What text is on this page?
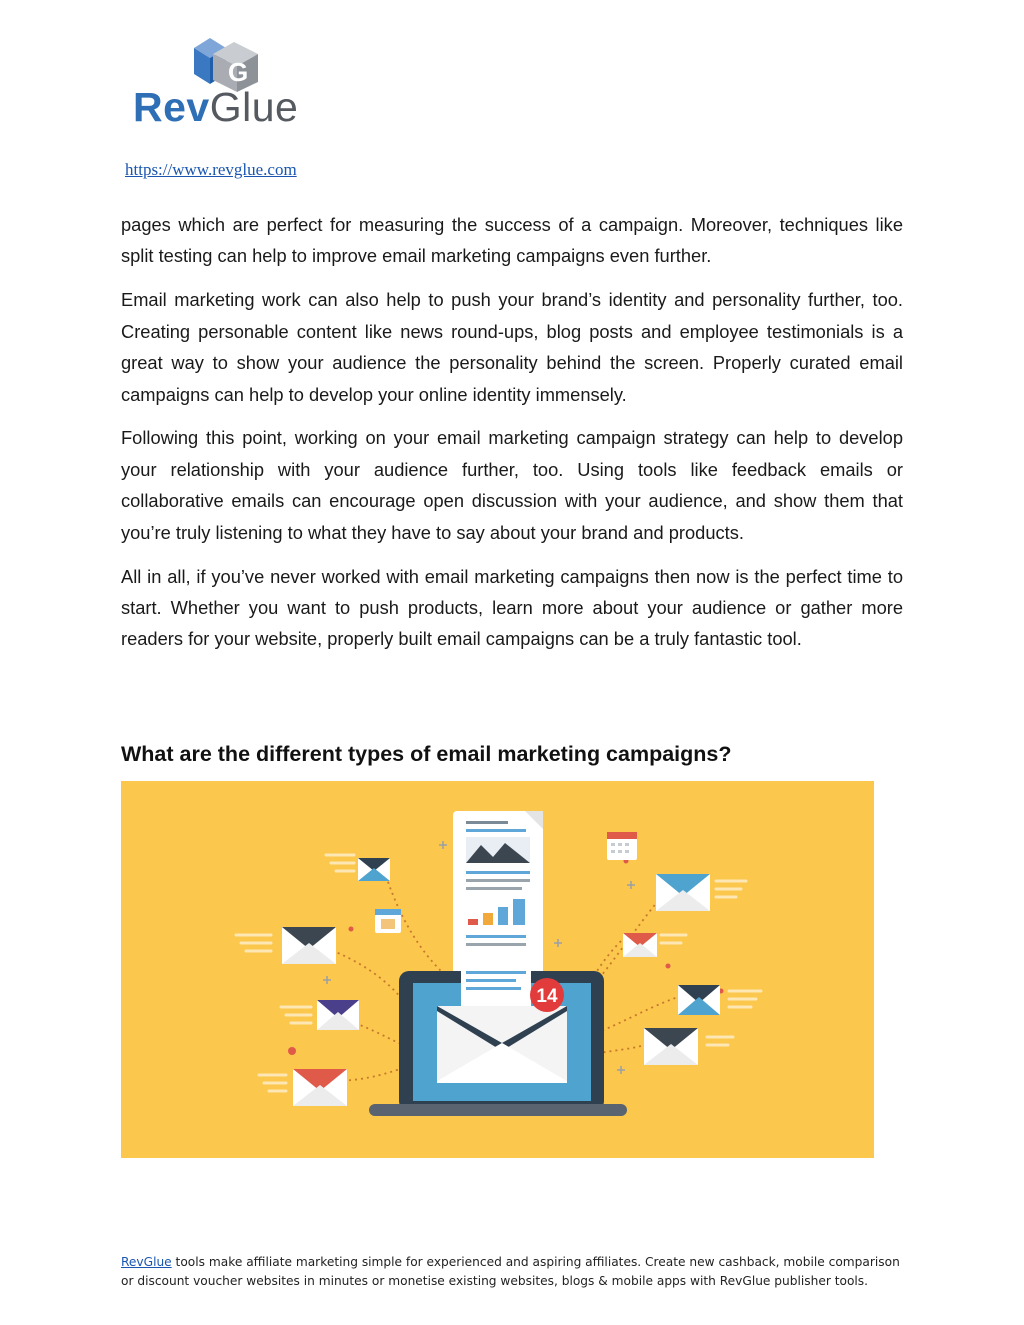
G
RevGlue
https://www.revglue.com

pages which are perfect for measuring the success of a campaign. Moreover, techniques like split testing can help to improve email marketing campaigns even further.

Email marketing work can also help to push your brand’s identity and personality further, too. Creating personable content like news round-ups, blog posts and employee testimonials is a great way to show your audience the personality behind the screen. Properly curated email campaigns can help to develop your online identity immensely.

Following this point, working on your email marketing campaign strategy can help to develop your relationship with your audience further, too. Using tools like feedback emails or collaborative emails can encourage open discussion with your audience, and show them that you’re truly listening to what they have to say about your brand and products.

All in all, if you’ve never worked with email marketing campaigns then now is the perfect time to start. Whether you want to push products, learn more about your audience or gather more readers for your website, properly built email campaigns can be a truly fantastic tool.

What are the different types of email marketing campaigns?
14
RevGlue tools make affiliate marketing simple for experienced and aspiring affiliates. Create new cashback, mobile comparison or discount voucher websites in minutes or monetise existing websites, blogs & mobile apps with RevGlue publisher tools.
